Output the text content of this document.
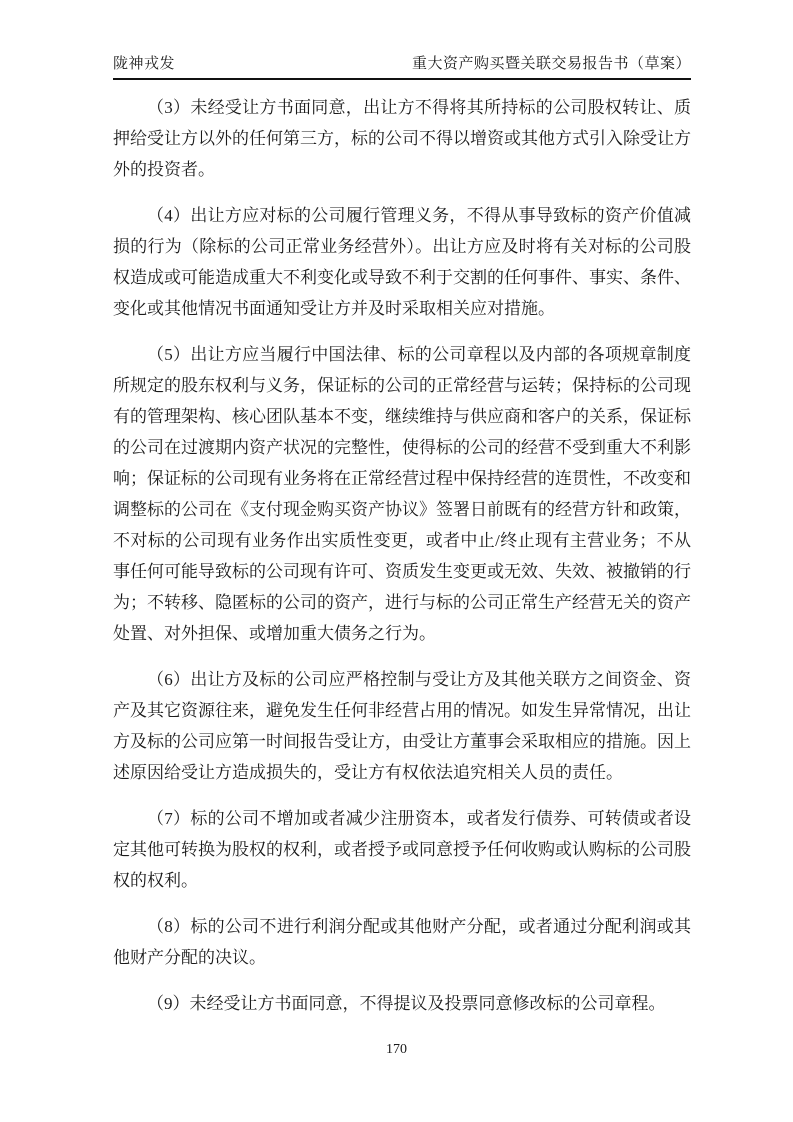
陇神戎发	重大资产购买暨关联交易报告书（草案）

（3）未经受让方书面同意，出让方不得将其所持标的公司股权转让、质押给受让方以外的任何第三方，标的公司不得以增资或其他方式引入除受让方外的投资者。

（4）出让方应对标的公司履行管理义务，不得从事导致标的资产价值减损的行为（除标的公司正常业务经营外）。出让方应及时将有关对标的公司股权造成或可能造成重大不利变化或导致不利于交割的任何事件、事实、条件、变化或其他情况书面通知受让方并及时采取相关应对措施。

（5）出让方应当履行中国法律、标的公司章程以及内部的各项规章制度所规定的股东权利与义务，保证标的公司的正常经营与运转；保持标的公司现有的管理架构、核心团队基本不变，继续维持与供应商和客户的关系，保证标的公司在过渡期内资产状况的完整性，使得标的公司的经营不受到重大不利影响；保证标的公司现有业务将在正常经营过程中保持经营的连贯性，不改变和调整标的公司在《支付现金购买资产协议》签署日前既有的经营方针和政策，不对标的公司现有业务作出实质性变更，或者中止/终止现有主营业务；不从事任何可能导致标的公司现有许可、资质发生变更或无效、失效、被撤销的行为；不转移、隐匿标的公司的资产，进行与标的公司正常生产经营无关的资产处置、对外担保、或增加重大债务之行为。

（6）出让方及标的公司应严格控制与受让方及其他关联方之间资金、资产及其它资源往来，避免发生任何非经营占用的情况。如发生异常情况，出让方及标的公司应第一时间报告受让方，由受让方董事会采取相应的措施。因上述原因给受让方造成损失的，受让方有权依法追究相关人员的责任。

（7）标的公司不增加或者减少注册资本，或者发行债券、可转债或者设定其他可转换为股权的权利，或者授予或同意授予任何收购或认购标的公司股权的权利。

（8）标的公司不进行利润分配或其他财产分配，或者通过分配利润或其他财产分配的决议。

（9）未经受让方书面同意，不得提议及投票同意修改标的公司章程。

170
